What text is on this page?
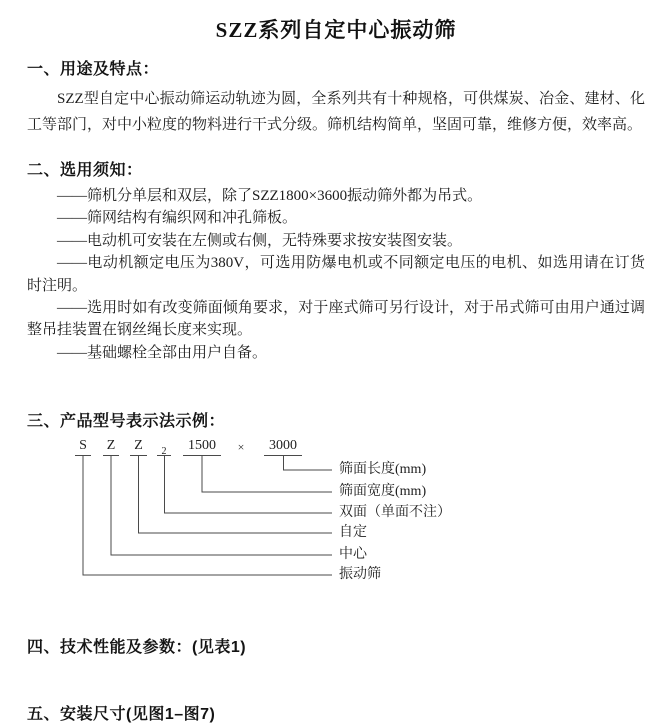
SZZ系列自定中心振动筛
一、用途及特点：

SZZ型自定中心振动筛运动轨迹为圆，全系列共有十种规格，可供煤炭、冶金、建材、化工等部门，对中小粒度的物料进行干式分级。筛机结构简单，坚固可靠，维修方便，效率高。

二、选用须知：

——筛机分单层和双层，除了SZZ1800×3600振动筛外都为吊式。

——筛网结构有编织网和冲孔筛板。

——电动机可安装在左侧或右侧，无特殊要求按安装图安装。

——电动机额定电压为380V，可选用防爆电机或不同额定电压的电机、如选用请在订货时注明。

——选用时如有改变筛面倾角要求，对于座式筛可另行设计，对于吊式筛可由用户通过调整吊挂装置在钢丝绳长度来实现。

——基础螺栓全部由用户自备。

三、产品型号表示法示例：
S Z	Z	2	1500	×	3000
筛面长度(mm)
筛面宽度(mm)
双面（单面不注）
自定
中心
振动筛
四、技术性能及参数：(见表1)
五、安装尺寸(见图1–图7)
